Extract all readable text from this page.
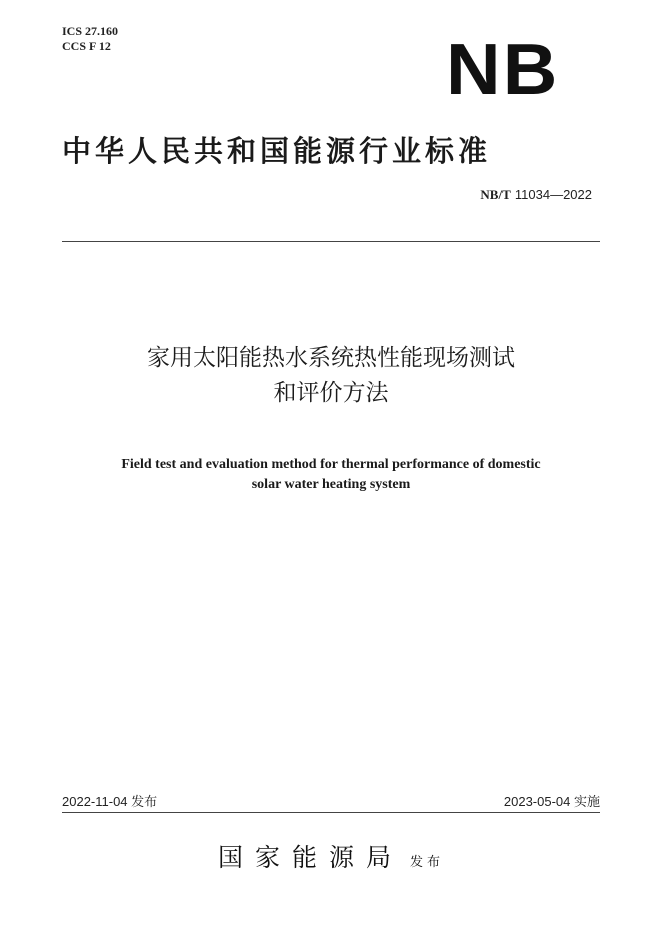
ICS 27.160
CCS F 12	NB
中华人民共和国能源行业标准
NB/T 11034—2022
家用太阳能热水系统热性能现场测试
和评价方法
Field test and evaluation method for thermal performance of domestic
solar water heating system
2022-11-04 发布	2023-05-04 实施
国家能源局 发布
